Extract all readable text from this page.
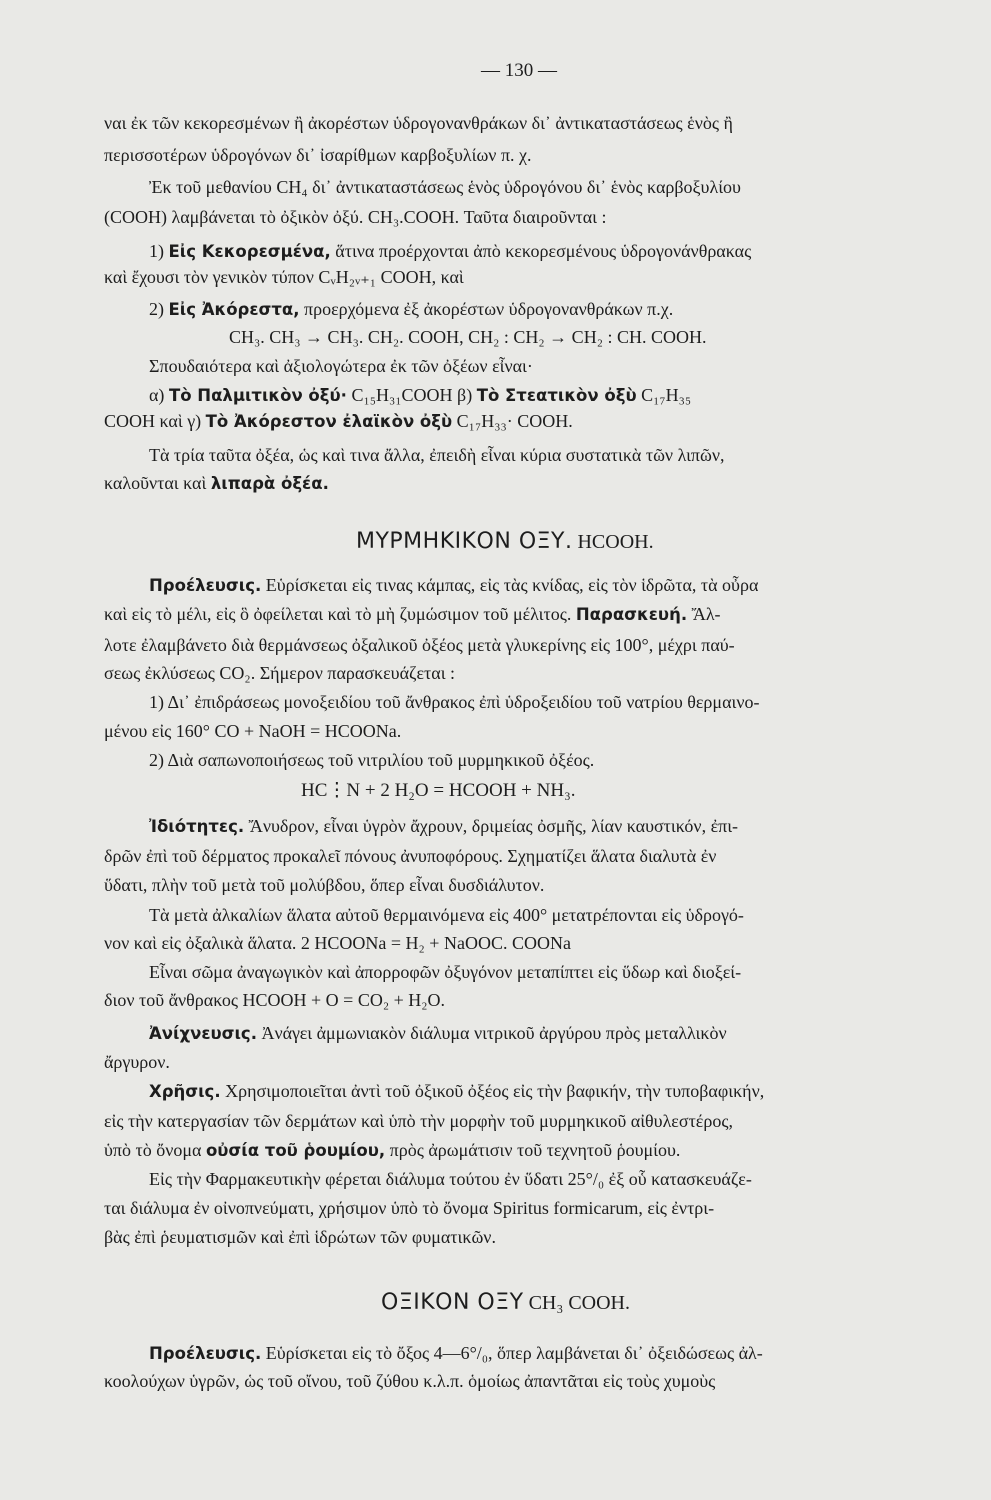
— 130 —
ναι ἐκ τῶν κεκορεσμένων ἢ ἀκορέστων ὑδρογονανθράκων δι᾽ ἀντικαταστάσεως ἑνὸς ἢ
περισσοτέρων ὑδρογόνων δι᾽ ἰσαρίθμων καρβοξυλίων π. χ.
Ἐκ τοῦ μεθανίου CH₄ δι᾽ ἀντικαταστάσεως ἑνὸς ὑδρογόνου δι᾽ ἑνὸς καρβοξυλίου
(COOH) λαμβάνεται τὸ ὀξικὸν ὀξύ. CH₃.COOH. Ταῦτα διαιροῦνται :
1) Εἰς Κεκορεσμένα, ἅτινα προέρχονται ἀπὸ κεκορεσμένους ὑδρογονάνθρακας
καὶ ἔχουσι τὸν γενικὸν τύπον CᵥH₂ᵥ₊₁ COOH, καὶ
2) Εἰς Ἀκόρεστα, προερχόμενα ἐξ ἀκορέστων ὑδρογονανθράκων π.χ.
CH₃. CH₃ → CH₃. CH₂. COOH, CH₂ : CH₂ → CH₂ : CH. COOH.
Σπουδαιότερα καὶ ἀξιολογώτερα ἐκ τῶν ὀξέων εἶναι·
α) Τὸ Παλμιτικὸν ὀξύ· C₁₅H₃₁COOH β) Τὸ Στεατικὸν ὀξὺ C₁₇H₃₅
COOH καὶ γ) Τὸ Ἀκόρεστον ἐλαϊκὸν ὀξὺ C₁₇H₃₃· COOH.
Τὰ τρία ταῦτα ὀξέα, ὡς καὶ τινα ἄλλα, ἐπειδὴ εἶναι κύρια συστατικὰ τῶν λιπῶν,
καλοῦνται καὶ λιπαρὰ ὀξέα.
ΜΥΡΜΗΚΙΚΟΝ ΟΞΥ. HCOOH.
Προέλευσις. Εὑρίσκεται εἰς τινας κάμπας, εἰς τὰς κνίδας, εἰς τὸν ἱδρῶτα, τὰ οὖρα
καὶ εἰς τὸ μέλι, εἰς ὃ ὀφείλεται καὶ τὸ μὴ ζυμώσιμον τοῦ μέλιτος. Παρασκευή. Ἄλ-
λοτε ἐλαμβάνετο διὰ θερμάνσεως ὀξαλικοῦ ὀξέος μετὰ γλυκερίνης εἰς 100°, μέχρι παύ-
σεως ἐκλύσεως CO₂. Σήμερον παρασκευάζεται :
1) Δι᾽ ἐπιδράσεως μονοξειδίου τοῦ ἄνθρακος ἐπὶ ὑδροξειδίου τοῦ νατρίου θερμαινο-
μένου εἰς 160° CO + NaOH = HCOONa.
2) Διὰ σαπωνοποιήσεως τοῦ νιτριλίου τοῦ μυρμηκικοῦ ὀξέος.
HC⋮N + 2 H₂O = HCOOH + NH₃.
Ἰδιότητες. Ἄνυδρον, εἶναι ὑγρὸν ἄχρουν, δριμείας ὀσμῆς, λίαν καυστικόν, ἐπι-
δρῶν ἐπὶ τοῦ δέρματος προκαλεῖ πόνους ἀνυποφόρους. Σχηματίζει ἅλατα διαλυτὰ ἐν
ὕδατι, πλὴν τοῦ μετὰ τοῦ μολύβδου, ὅπερ εἶναι δυσδιάλυτον.
Τὰ μετὰ ἀλκαλίων ἅλατα αὐτοῦ θερμαινόμενα εἰς 400° μετατρέπονται εἰς ὑδρογό-
νον καὶ εἰς ὀξαλικὰ ἅλατα. 2 HCOONa = H₂ + NaOOC. COONa
Εἶναι σῶμα ἀναγωγικὸν καὶ ἀπορροφῶν ὀξυγόνον μεταπίπτει εἰς ὕδωρ καὶ διοξεί-
διον τοῦ ἄνθρακος HCOOH + O = CO₂ + H₂O.
Ἀνίχνευσις. Ἀνάγει ἀμμωνιακὸν διάλυμα νιτρικοῦ ἀργύρου πρὸς μεταλλικὸν
ἄργυρον.
Χρῆσις. Χρησιμοποιεῖται ἀντὶ τοῦ ὀξικοῦ ὀξέος εἰς τὴν βαφικήν, τὴν τυποβαφικήν,
εἰς τὴν κατεργασίαν τῶν δερμάτων καὶ ὑπὸ τὴν μορφὴν τοῦ μυρμηκικοῦ αἰθυλεστέρος,
ὑπὸ τὸ ὄνομα οὐσία τοῦ ῥουμίου, πρὸς ἀρωμάτισιν τοῦ τεχνητοῦ ῥουμίου.
Εἰς τὴν Φαρμακευτικὴν φέρεται διάλυμα τούτου ἐν ὕδατι 25°/₀ ἐξ οὗ κατασκευάζε-
ται διάλυμα ἐν οἰνοπνεύματι, χρήσιμον ὑπὸ τὸ ὄνομα Spiritus formicarum, εἰς ἐντρι-
βὰς ἐπὶ ῥευματισμῶν καὶ ἐπὶ ἱδρώτων τῶν φυματικῶν.
ΟΞΙΚΟΝ ΟΞΥ CH₃ COOH.
Προέλευσις. Εὑρίσκεται εἰς τὸ ὄξος 4—6°/₀, ὅπερ λαμβάνεται δι᾽ ὀξειδώσεως ἀλ-
κοολούχων ὑγρῶν, ὡς τοῦ οἴνου, τοῦ ζύθου κ.λ.π. ὁμοίως ἀπαντᾶται εἰς τοὺς χυμοὺς
